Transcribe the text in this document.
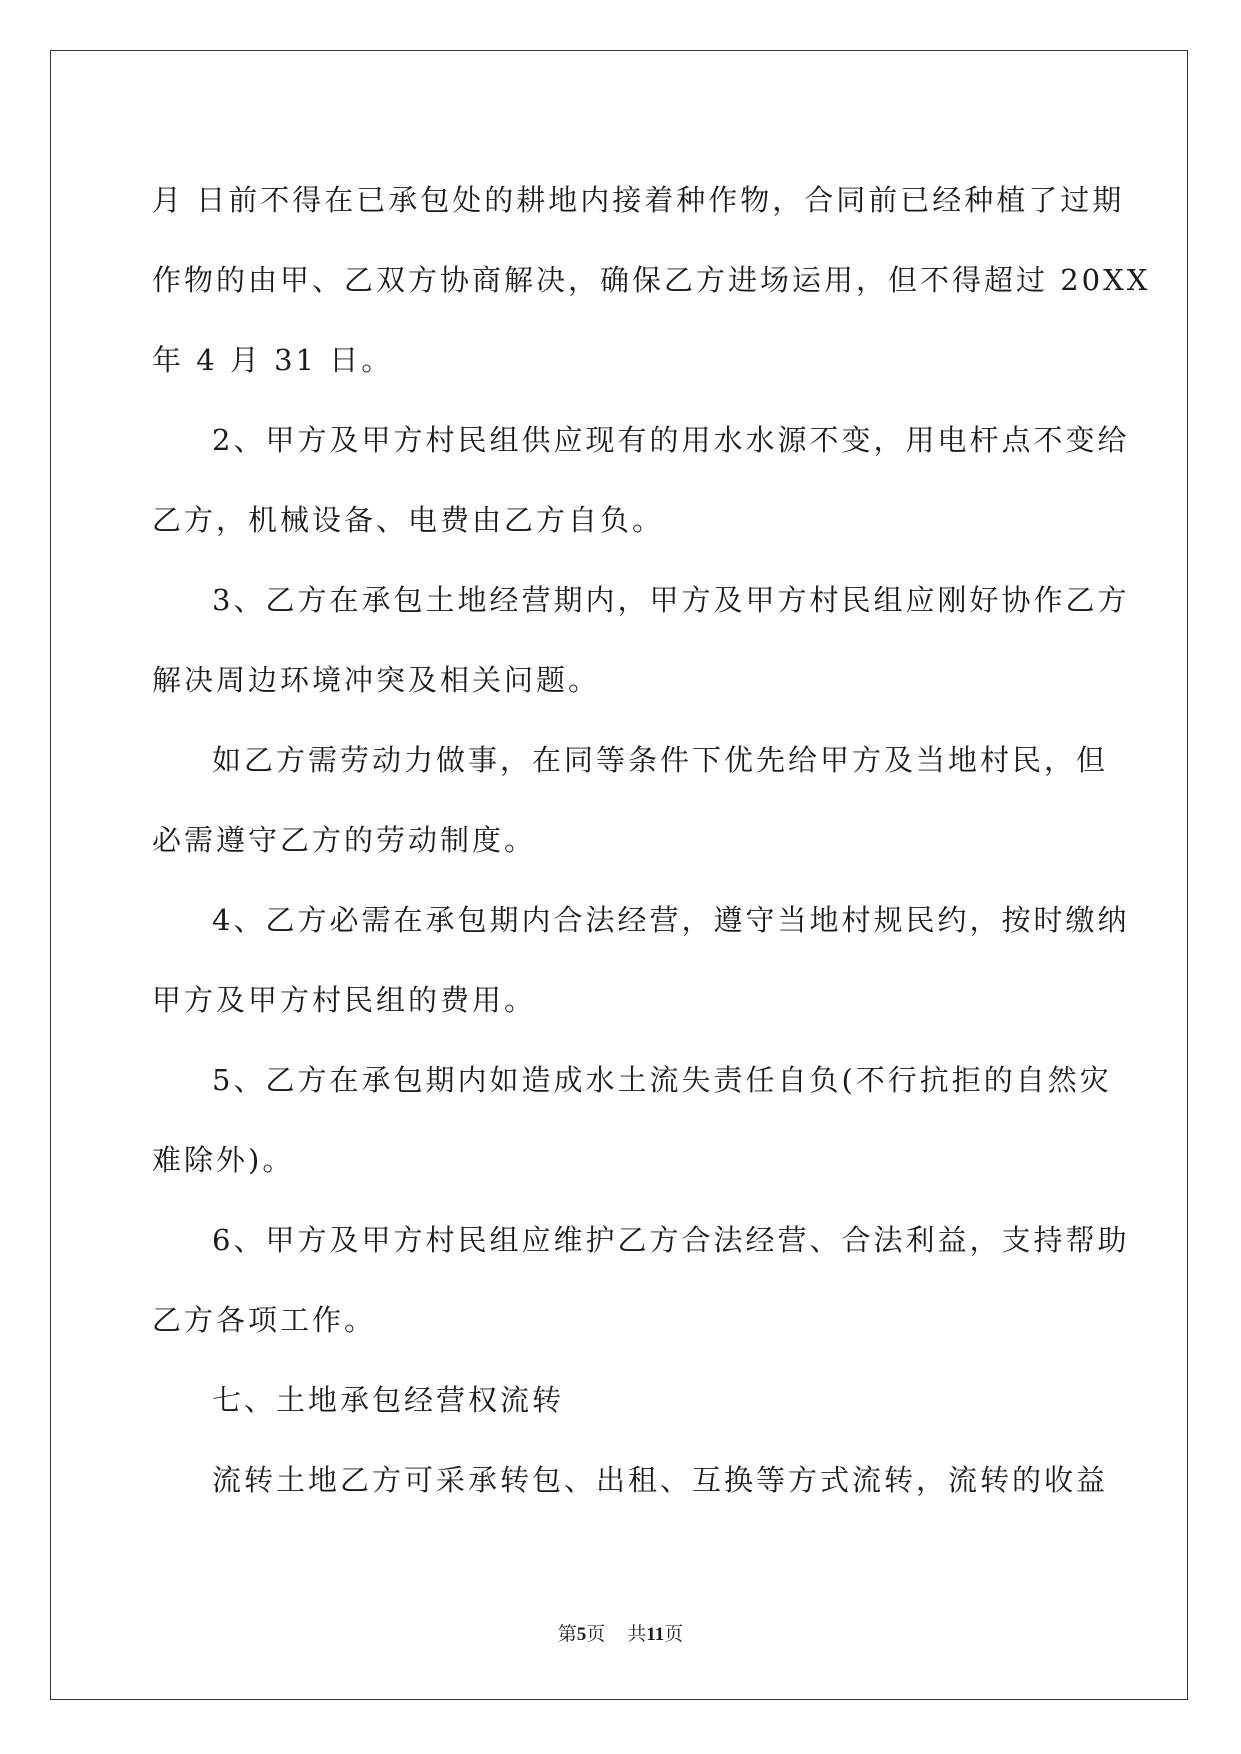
月 日前不得在已承包处的耕地内接着种作物，合同前已经种植了过期
作物的由甲、乙双方协商解决，确保乙方进场运用，但不得超过 20XX
年 4 月 31 日。
2、甲方及甲方村民组供应现有的用水水源不变，用电杆点不变给
乙方，机械设备、电费由乙方自负。
3、乙方在承包土地经营期内，甲方及甲方村民组应刚好协作乙方
解决周边环境冲突及相关问题。
如乙方需劳动力做事，在同等条件下优先给甲方及当地村民，但
必需遵守乙方的劳动制度。
4、乙方必需在承包期内合法经营，遵守当地村规民约，按时缴纳
甲方及甲方村民组的费用。
5、乙方在承包期内如造成水土流失责任自负(不行抗拒的自然灾
难除外)。
6、甲方及甲方村民组应维护乙方合法经营、合法利益，支持帮助
乙方各项工作。
七、土地承包经营权流转
流转土地乙方可采承转包、出租、互换等方式流转，流转的收益
第5页 共11页
